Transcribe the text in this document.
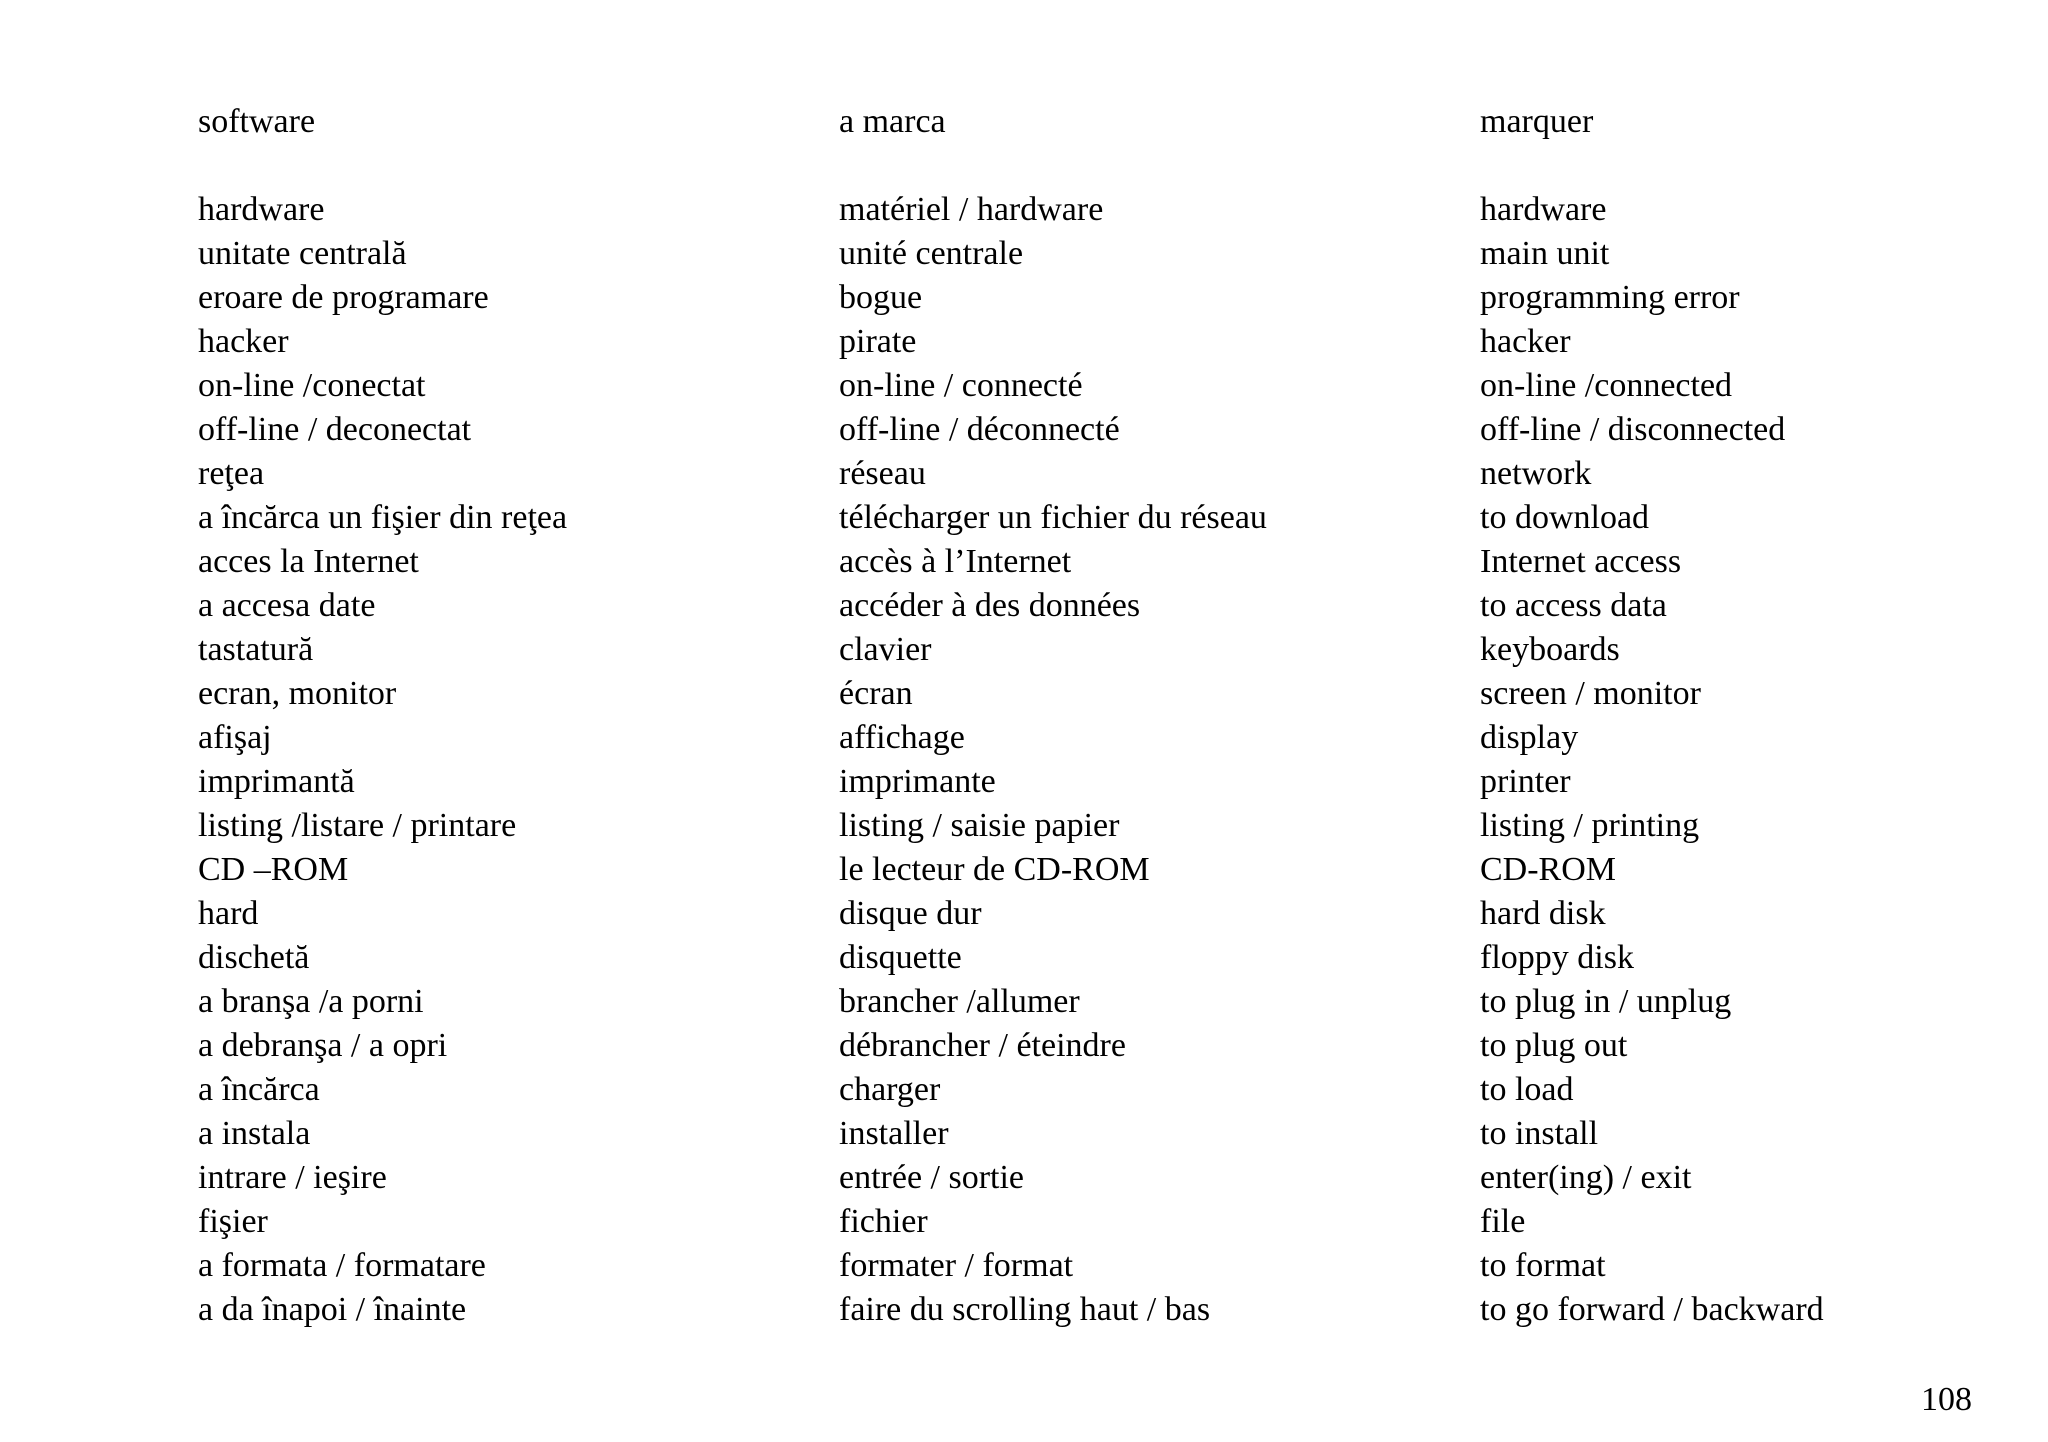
software
hardware
unitate centrală
eroare de programare
hacker
on-line /conectat
off-line / deconectat
reţea
a încărca un fişier din reţea
acces la Internet
a accesa date
tastatură
ecran, monitor
afişaj
imprimantă
listing /listare / printare
CD –ROM
hard
dischetă
a branşa /a porni
a debranşa / a opri
a încărca
a instala
intrare / ieşire
fişier
a formata / formatare
a da înapoi / înainte
a marca
matériel / hardware
unité centrale
bogue
pirate
on-line / connecté
off-line / déconnecté
réseau
télécharger un fichier du réseau
accès à l’Internet
accéder à des données
clavier
écran
affichage
imprimante
listing / saisie papier
le lecteur de CD-ROM
disque dur
disquette
brancher /allumer
débrancher / éteindre
charger
installer
entrée / sortie
fichier
formater / format
faire du scrolling haut / bas
marquer
hardware
main unit
programming error
hacker
on-line /connected
off-line / disconnected
network
to download
Internet access
to access data
keyboards
screen / monitor
display
printer
listing / printing
CD-ROM
hard disk
floppy disk
to plug in / unplug
to plug out
to load
to install
enter(ing) / exit
file
to format
to go forward / backward
108
